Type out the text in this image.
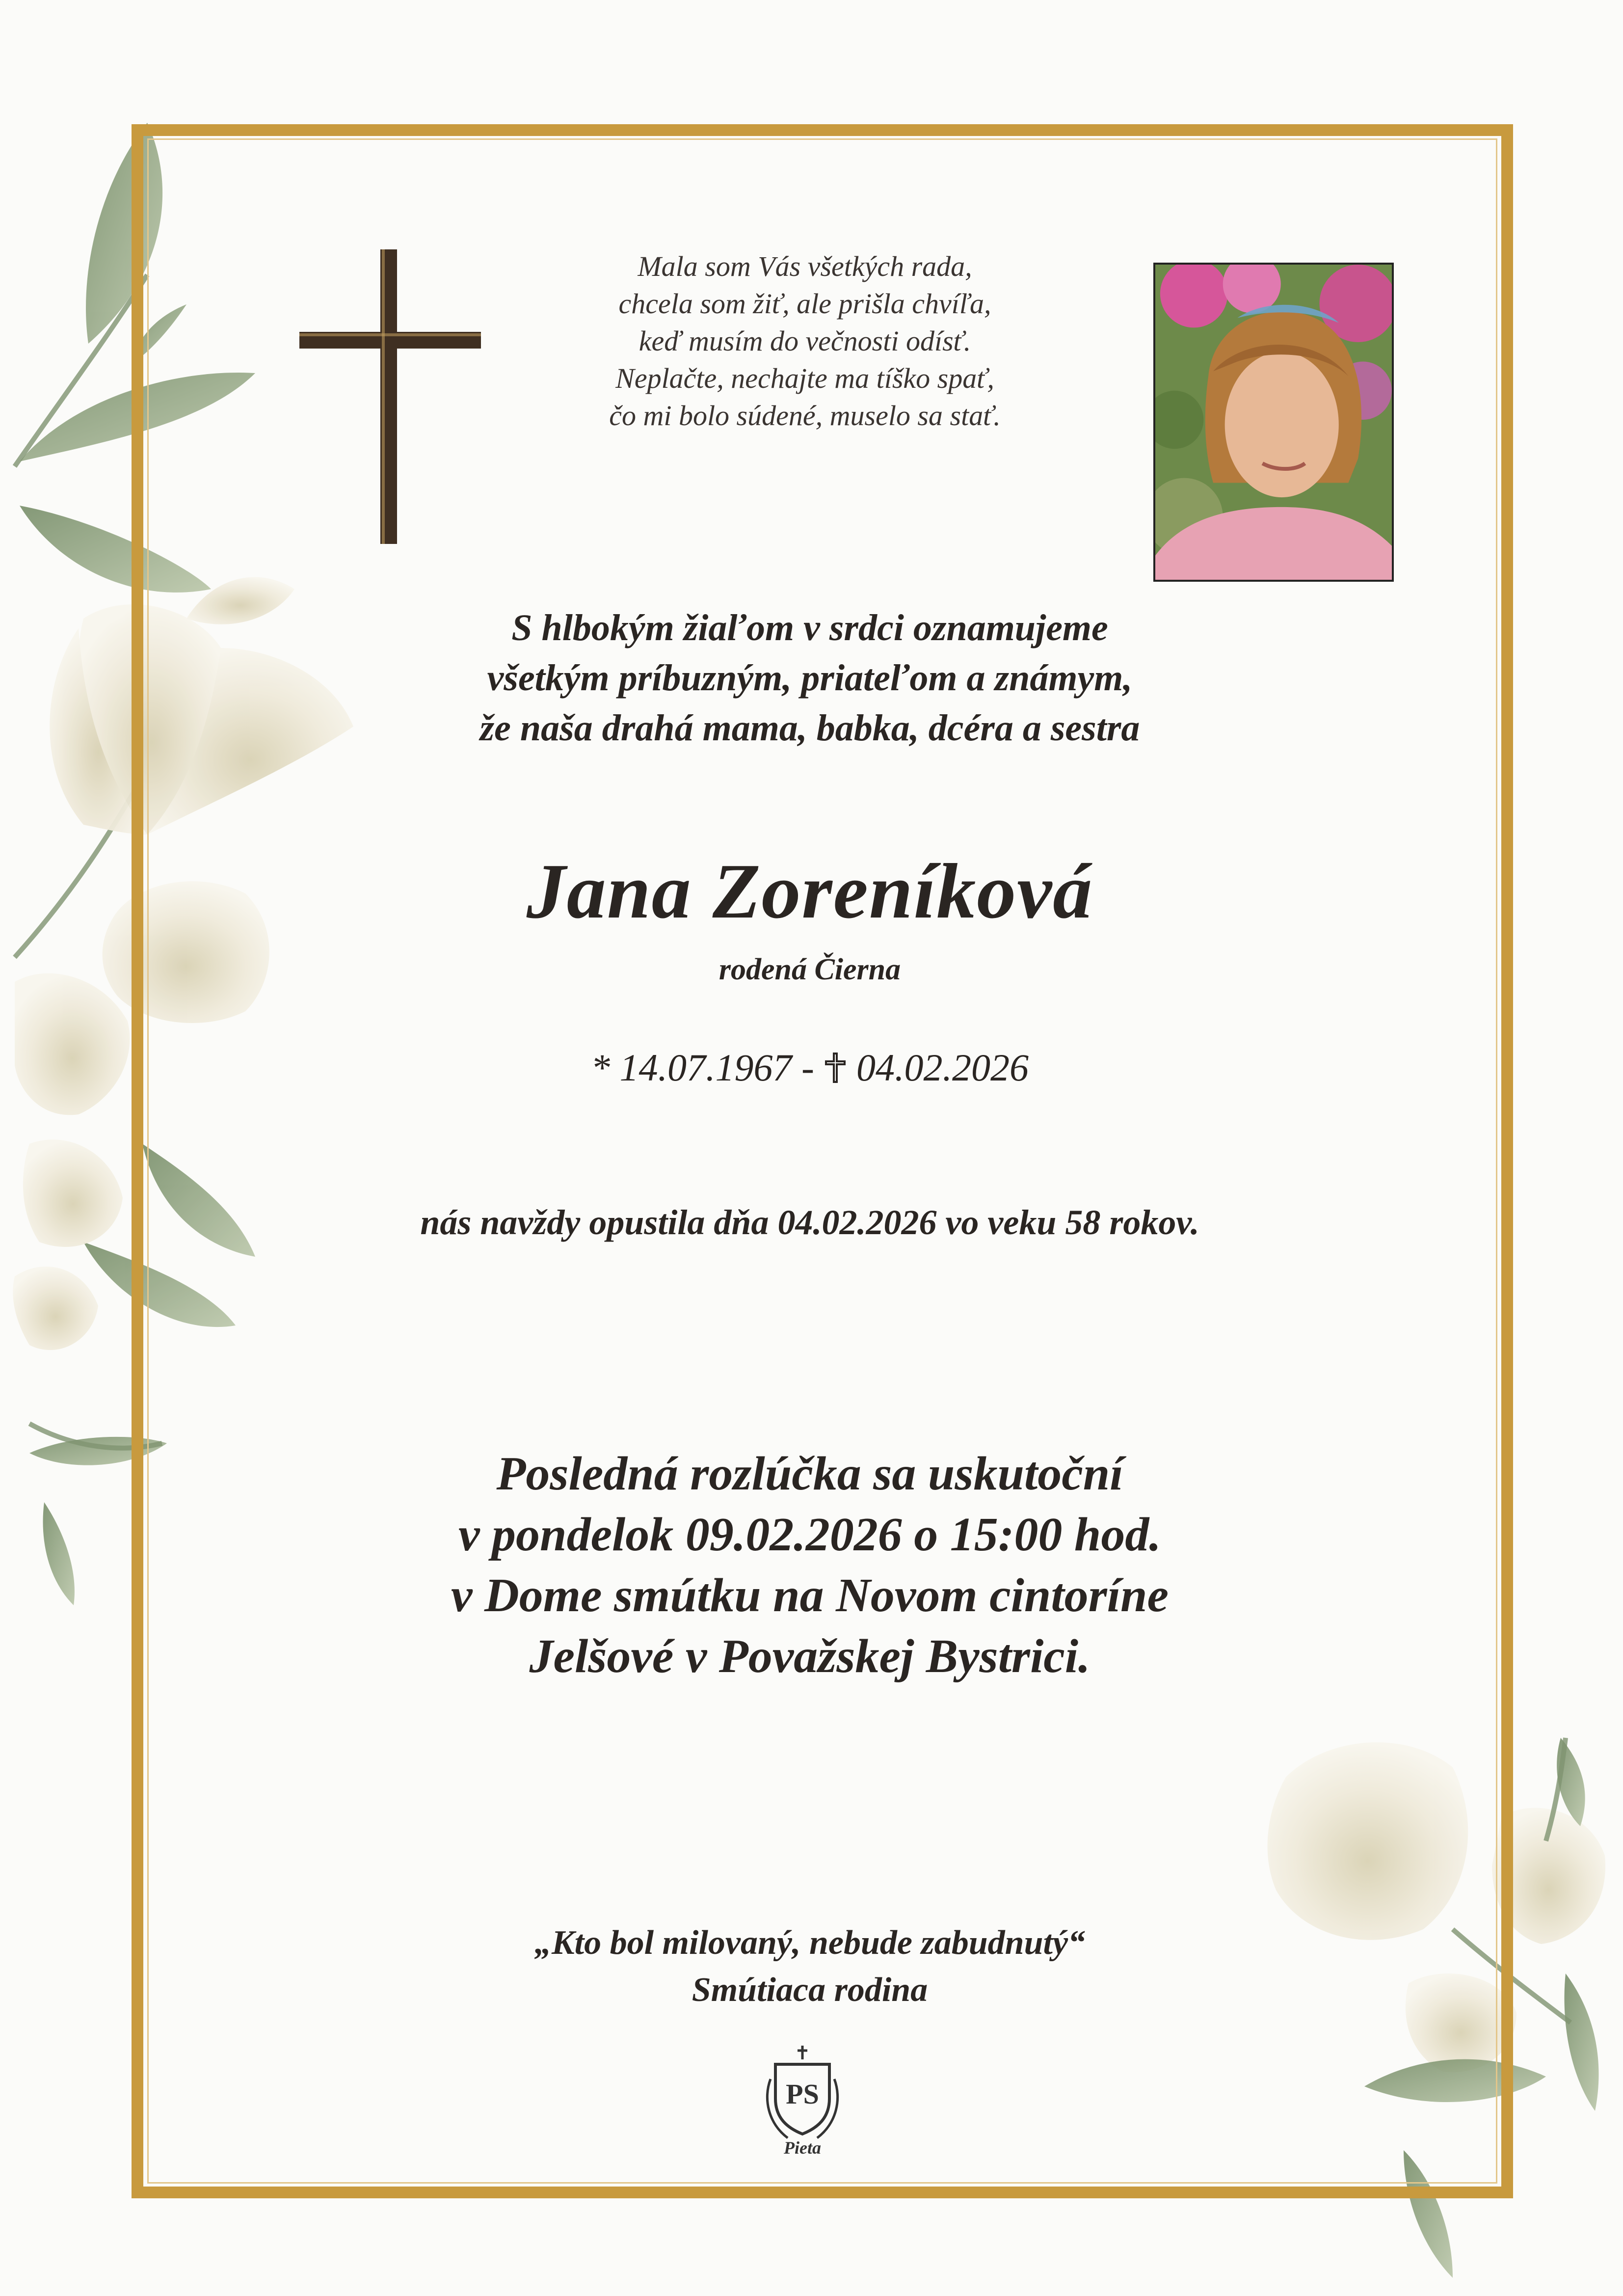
Mala som Vás všetkých rada,
chcela som žiť, ale prišla chvíľa,
keď musím do večnosti odísť.
Neplačte, nechajte ma tíško spať,
čo mi bolo súdené, muselo sa stať.
S hlbokým žiaľom v srdci oznamujeme
všetkým príbuzným, priateľom a známym,
že naša drahá mama, babka, dcéra a sestra
Jana Zoreníková
rodená Čierna
* 14.07.1967 - 04.02.2026
nás navždy opustila dňa 04.02.2026 vo veku 58 rokov.
Posledná rozlúčka sa uskutoční
v pondelok 09.02.2026 o 15:00 hod.
v Dome smútku na Novom cintoríne
Jelšové v Považskej Bystrici.
„Kto bol milovaný, nebude zabudnutý“
Smútiaca rodina
PS
Pieta
